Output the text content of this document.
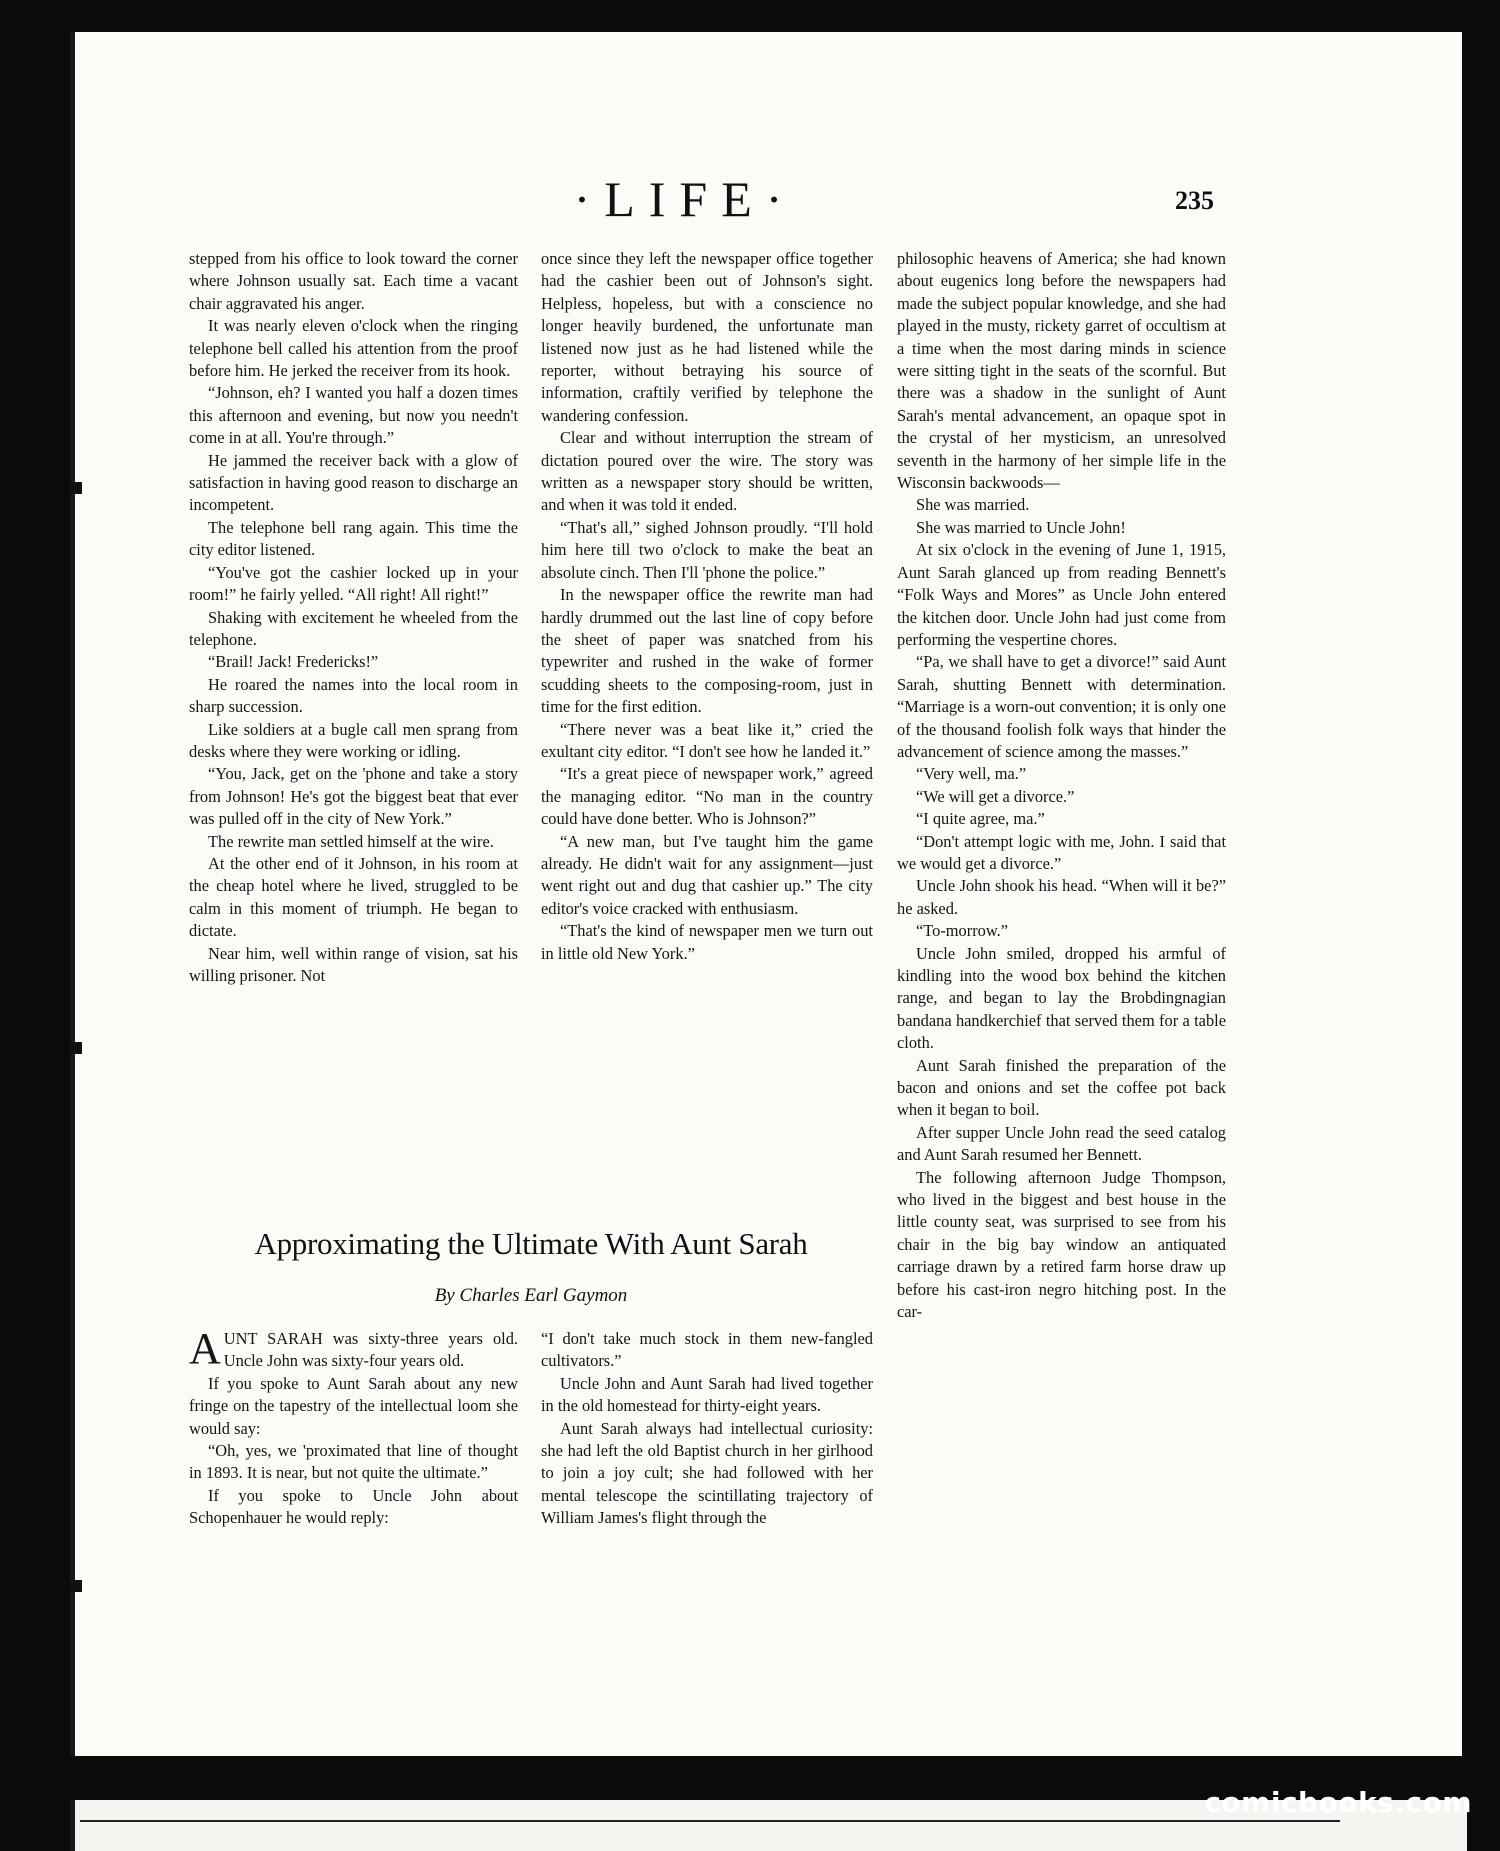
·LIFE·	235

stepped from his office to look toward the corner where Johnson usually sat. Each time a vacant chair aggravated his anger.

It was nearly eleven o'clock when the ringing telephone bell called his attention from the proof before him. He jerked the receiver from its hook.

“Johnson, eh? I wanted you half a dozen times this afternoon and evening, but now you needn't come in at all. You're through.”

He jammed the receiver back with a glow of satisfaction in having good reason to discharge an incompetent.

The telephone bell rang again. This time the city editor listened.

“You've got the cashier locked up in your room!” he fairly yelled. “All right! All right!”

Shaking with excitement he wheeled from the telephone.

“Brail! Jack! Fredericks!”

He roared the names into the local room in sharp succession.

Like soldiers at a bugle call men sprang from desks where they were working or idling.

“You, Jack, get on the 'phone and take a story from Johnson! He's got the biggest beat that ever was pulled off in the city of New York.”

The rewrite man settled himself at the wire.

At the other end of it Johnson, in his room at the cheap hotel where he lived, struggled to be calm in this moment of triumph. He began to dictate.

Near him, well within range of vision, sat his willing prisoner. Not

once since they left the newspaper office together had the cashier been out of Johnson's sight. Helpless, hopeless, but with a conscience no longer heavily burdened, the unfortunate man listened now just as he had listened while the reporter, without betraying his source of information, craftily verified by telephone the wandering confession.

Clear and without interruption the stream of dictation poured over the wire. The story was written as a newspaper story should be written, and when it was told it ended.

“That's all,” sighed Johnson proudly. “I'll hold him here till two o'clock to make the beat an absolute cinch. Then I'll 'phone the police.”

In the newspaper office the rewrite man had hardly drummed out the last line of copy before the sheet of paper was snatched from his typewriter and rushed in the wake of former scudding sheets to the composing-room, just in time for the first edition.

“There never was a beat like it,” cried the exultant city editor. “I don't see how he landed it.”

“It's a great piece of newspaper work,” agreed the managing editor. “No man in the country could have done better. Who is Johnson?”

“A new man, but I've taught him the game already. He didn't wait for any assignment—just went right out and dug that cashier up.” The city editor's voice cracked with enthusiasm.

“That's the kind of newspaper men we turn out in little old New York.”

philosophic heavens of America; she had known about eugenics long before the newspapers had made the subject popular knowledge, and she had played in the musty, rickety garret of occultism at a time when the most daring minds in science were sitting tight in the seats of the scornful. But there was a shadow in the sunlight of Aunt Sarah's mental advancement, an opaque spot in the crystal of her mysticism, an unresolved seventh in the harmony of her simple life in the Wisconsin backwoods—

She was married.

She was married to Uncle John!

At six o'clock in the evening of June 1, 1915, Aunt Sarah glanced up from reading Bennett's “Folk Ways and Mores” as Uncle John entered the kitchen door. Uncle John had just come from performing the vespertine chores.

“Pa, we shall have to get a divorce!” said Aunt Sarah, shutting Bennett with determination. “Marriage is a worn-out convention; it is only one of the thousand foolish folk ways that hinder the advancement of science among the masses.”

“Very well, ma.”

“We will get a divorce.”

“I quite agree, ma.”

“Don't attempt logic with me, John. I said that we would get a divorce.”

Uncle John shook his head. “When will it be?” he asked.

“To-morrow.”

Uncle John smiled, dropped his armful of kindling into the wood box behind the kitchen range, and began to lay the Brobdingnagian bandana handkerchief that served them for a table cloth.

Aunt Sarah finished the preparation of the bacon and onions and set the coffee pot back when it began to boil.

After supper Uncle John read the seed catalog and Aunt Sarah resumed her Bennett.

The following afternoon Judge Thompson, who lived in the biggest and best house in the little county seat, was surprised to see from his chair in the big bay window an antiquated carriage drawn by a retired farm horse draw up before his cast-iron negro hitching post. In the car-

Approximating the Ultimate With Aunt Sarah
By Charles Earl Gaymon

AUNT SARAH was sixty-three years old. Uncle John was sixty-four years old.

If you spoke to Aunt Sarah about any new fringe on the tapestry of the intellectual loom she would say:

“Oh, yes, we 'proximated that line of thought in 1893. It is near, but not quite the ultimate.”

If you spoke to Uncle John about Schopenhauer he would reply:

“I don't take much stock in them new-fangled cultivators.”

Uncle John and Aunt Sarah had lived together in the old homestead for thirty-eight years.

Aunt Sarah always had intellectual curiosity: she had left the old Baptist church in her girlhood to join a joy cult; she had followed with her mental telescope the scintillating trajectory of William James's flight through the

comicbooks.com
